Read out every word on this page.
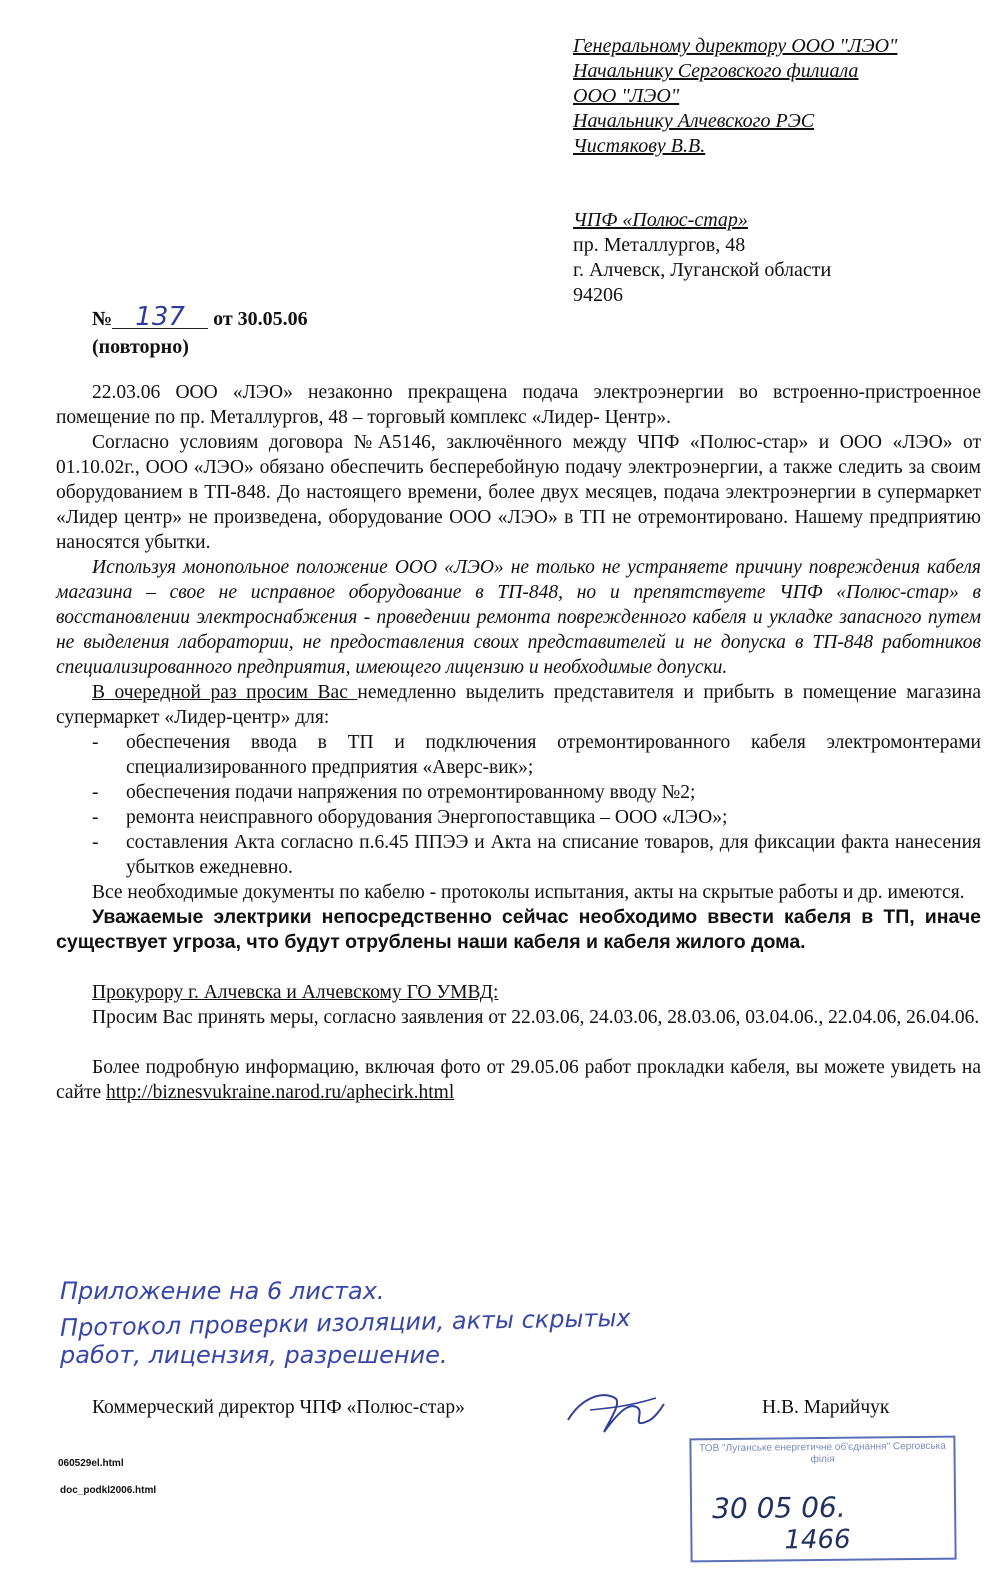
Генеральному директору ООО "ЛЭО"
Начальнику Серговского филиала
ООО "ЛЭО"
Начальнику Алчевского РЭС
Чистякову В.В.
ЧПФ «Полюс-стар»
пр. Металлургов, 48
г. Алчевск, Луганской области
94206
№ 137 от 30.05.06
(повторно)

22.03.06 ООО «ЛЭО» незаконно прекращена подача электроэнергии во встроенно-пристроенное помещение по пр. Металлургов, 48 – торговый комплекс «Лидер- Центр».

Согласно условиям договора №А5146, заключённого между ЧПФ «Полюс-стар» и ООО «ЛЭО» от 01.10.02г., ООО «ЛЭО» обязано обеспечить бесперебойную подачу электроэнергии, а также следить за своим оборудованием в ТП-848. До настоящего времени, более двух месяцев, подача электроэнергии в супермаркет «Лидер центр» не произведена, оборудование ООО «ЛЭО» в ТП не отремонтировано. Нашему предприятию наносятся убытки.

Используя монопольное положение ООО «ЛЭО» не только не устраняете причину повреждения кабеля магазина – свое не исправное оборудование в ТП-848, но и препятствуете ЧПФ «Полюс-стар» в восстановлении электроснабжения - проведении ремонта поврежденного кабеля и укладке запасного путем не выделения лаборатории, не предоставления своих представителей и не допуска в ТП-848 работников специализированного предприятия, имеющего лицензию и необходимые допуски.

В очередной раз просим Вас немедленно выделить представителя и прибыть в помещение магазина супермаркет «Лидер-центр» для:

- обеспечения ввода в ТП и подключения отремонтированного кабеля электромонтерами специализированного предприятия «Аверс-вик»;
- обеспечения подачи напряжения по отремонтированному вводу №2;
- ремонта неисправного оборудования Энергопоставщика – ООО «ЛЭО»;
- составления Акта согласно п.6.45 ППЭЭ и Акта на списание товаров, для фиксации факта нанесения убытков ежедневно.

Все необходимые документы по кабелю - протоколы испытания, акты на скрытые работы и др. имеются.

Уважаемые электрики непосредственно сейчас необходимо ввести кабеля в ТП, иначе существует угроза, что будут отрублены наши кабеля и кабеля жилого дома.

Прокурору г. Алчевска и Алчевскому ГО УМВД:

Просим Вас принять меры, согласно заявления от 22.03.06, 24.03.06, 28.03.06, 03.04.06., 22.04.06, 26.04.06.

Более подробную информацию, включая фото от 29.05.06 работ прокладки кабеля, вы можете увидеть на сайте http://biznesvukraine.narod.ru/aphecirk.html

Приложение на 6 листах.
Протокол проверки изоляции, акты скрытых
работ, лицензия, разрешение.
Коммерческий директор ЧПФ «Полюс-стар»	Н.В. Марийчук
060529el.html
doc_podkl2006.html
ТОВ "Луганське енергетичне об'єднання" Серговська філія
30 05 06.
1466
